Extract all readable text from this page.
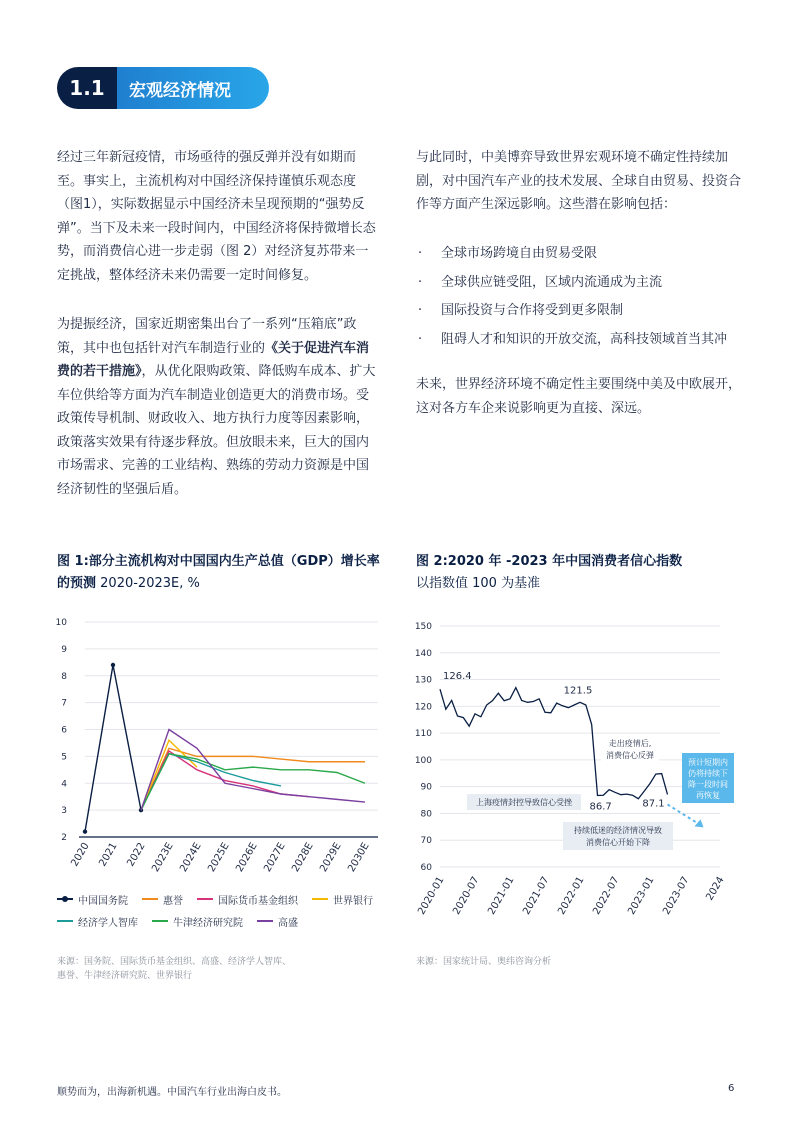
1.1	宏观经济情况
经过三年新冠疫情，市场亟待的强反弹并没有如期而至。事实上，主流机构对中国经济保持谨慎乐观态度（图1），实际数据显示中国经济未呈现预期的“强势反弹”。当下及未来一段时间内，中国经济将保持微增长态势，而消费信心进一步走弱（图 2）对经济复苏带来一定挑战，整体经济未来仍需要一定时间修复。
为提振经济，国家近期密集出台了一系列“压箱底”政策，其中也包括针对汽车制造行业的《关于促进汽车消费的若干措施》，从优化限购政策、降低购车成本、扩大车位供给等方面为汽车制造业创造更大的消费市场。受政策传导机制、财政收入、地方执行力度等因素影响，政策落实效果有待逐步释放。但放眼未来，巨大的国内市场需求、完善的工业结构、熟练的劳动力资源是中国经济韧性的坚强后盾。
与此同时，中美博弈导致世界宏观环境不确定性持续加剧，对中国汽车产业的技术发展、全球自由贸易、投资合作等方面产生深远影响。这些潜在影响包括：
· 全球市场跨境自由贸易受限
· 全球供应链受阻，区域内流通成为主流
· 国际投资与合作将受到更多限制
· 阻碍人才和知识的开放交流，高科技领域首当其冲
未来，世界经济环境不确定性主要围绕中美及中欧展开，这对各方车企来说影响更为直接、深远。
图 1:部分主流机构对中国国内生产总值（GDP）增长率
的预测 2020-2023E, %
2
3
4
5
6
7
8
9
10
2020 2021 2022 2023E 2024E 2025E 2026E 2027E 2028E 2029E 2030E
中国国务院	惠誉	国际货币基金组织	世界银行
经济学人智库	牛津经济研究院	高盛
来源：国务院、国际货币基金组织、高盛、经济学人智库、
惠誉、牛津经济研究院、世界银行
图 2:2020 年 -2023 年中国消费者信心指数
以指数值 100 为基准
60
70
80
90
100
110
120
130
140
150
2020-01 2020-07 2021-01 2021-07 2022-01 2022-07 2023-01 2023-07 2024
126.4
121.5
86.7	87.1
走出疫情后,
消费信心反弹
上海疫情封控导致信心受挫
持续低迷的经济情况导致
消费信心开始下降
预计短期内
仍将持续下
降一段时间
再恢复
来源：国家统计局、奥纬咨询分析
顺势而为，出海新机遇。中国汽车行业出海白皮书。	6
